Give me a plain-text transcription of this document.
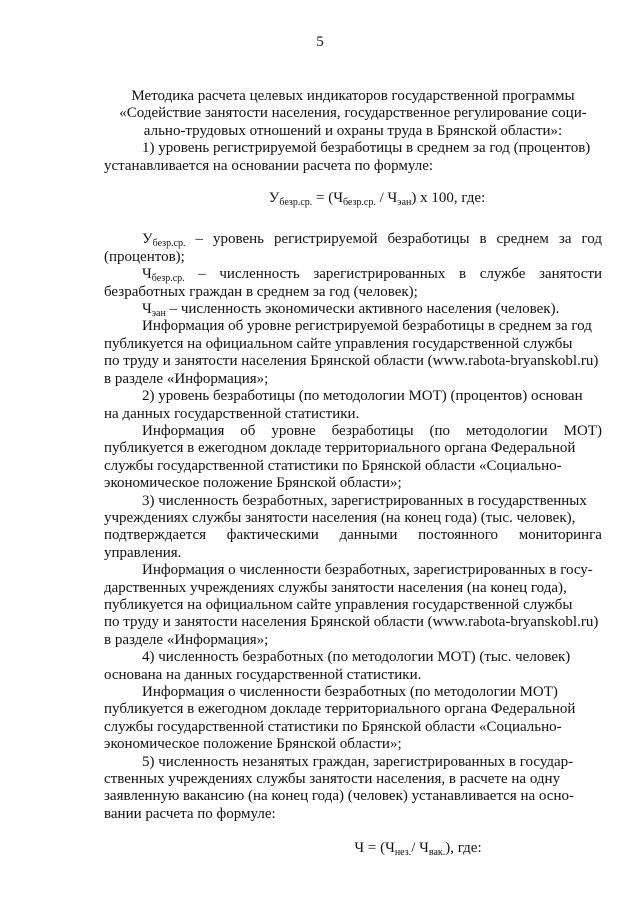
5

Методика расчета целевых индикаторов государственной программы
«Содействие занятости населения, государственное регулирование соци-
ально-трудовых отношений и охраны труда в Брянской области»:

1) уровень регистрируемой безработицы в среднем за год (процентов)
устанавливается на основании расчета по формуле:

$У_{безр.ср.} = (Ч_{безр.ср.} / Ч_{эан})$ х 100, где:

$У_{безр.ср.}$ – уровень регистрируемой безработицы в среднем за год
(процентов);

$Ч_{безр.ср.}$ – численность зарегистрированных в службе занятости
безработных граждан в среднем за год (человек);

$Ч_{эан}$ – численность экономически активного населения (человек).

Информация об уровне регистрируемой безработицы в среднем за год
публикуется на официальном сайте управления государственной службы
по труду и занятости населения Брянской области (www.rabota-bryanskobl.ru)
в разделе «Информация»;

2) уровень безработицы (по методологии МОТ) (процентов) основан
на данных государственной статистики.

Информация об уровне безработицы (по методологии МОТ)
публикуется в ежегодном докладе территориального органа Федеральной
службы государственной статистики по Брянской области «Социально-
экономическое положение Брянской области»;

3) численность безработных, зарегистрированных в государственных
учреждениях службы занятости населения (на конец года) (тыс. человек),
подтверждается фактическими данными постоянного мониторинга
управления.

Информация о численности безработных, зарегистрированных в госу-
дарственных учреждениях службы занятости населения (на конец года),
публикуется на официальном сайте управления государственной службы
по труду и занятости населения Брянской области (www.rabota-bryanskobl.ru)
в разделе «Информация»;

4) численность безработных (по методологии МОТ) (тыс. человек)
основана на данных государственной статистики.

Информация о численности безработных (по методологии МОТ)
публикуется в ежегодном докладе территориального органа Федеральной
службы государственной статистики по Брянской области «Социально-
экономическое положение Брянской области»;

5) численность незанятых граждан, зарегистрированных в государ-
ственных учреждениях службы занятости населения, в расчете на одну
заявленную вакансию (на конец года) (человек) устанавливается на осно-
вании расчета по формуле:

$Ч = (Ч_{нез.}/$ $Ч_{вак.}$), где:
